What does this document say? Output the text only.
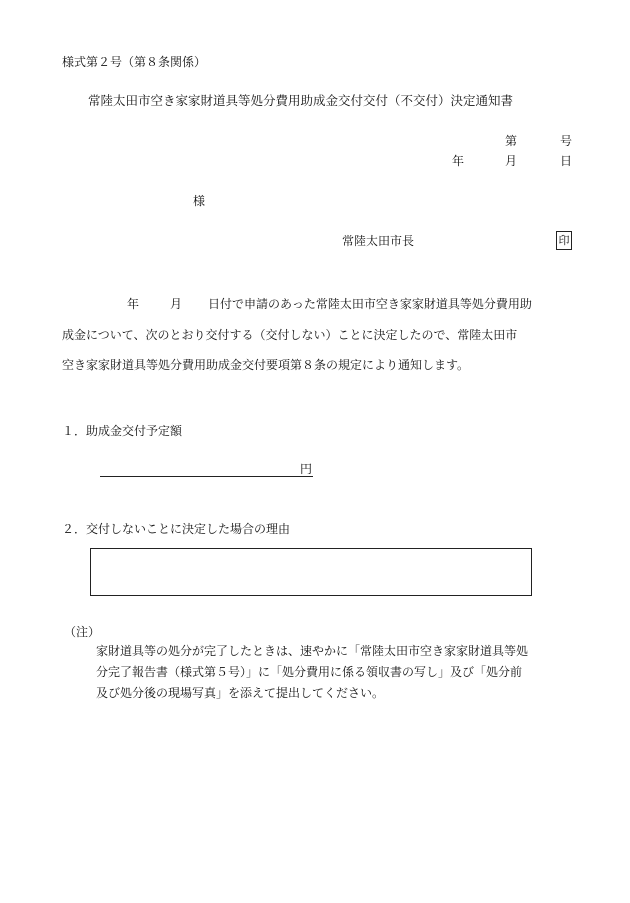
様式第２号（第８条関係）
常陸太田市空き家家財道具等処分費用助成金交付交付（不交付）決定通知書
第	号
年	月	日
様
常陸太田市長	印
年	月 日付で申請のあった常陸太田市空き家家財道具等処分費用助
成金について、次のとおり交付する（交付しない）ことに決定したので、常陸太田市
空き家家財道具等処分費用助成金交付要項第８条の規定により通知します。
１．助成金交付予定額
円
２．交付しないことに決定した場合の理由
（注）
家財道具等の処分が完了したときは、速やかに「常陸太田市空き家家財道具等処
分完了報告書（様式第５号）」に「処分費用に係る領収書の写し」及び「処分前
及び処分後の現場写真」を添えて提出してください。
